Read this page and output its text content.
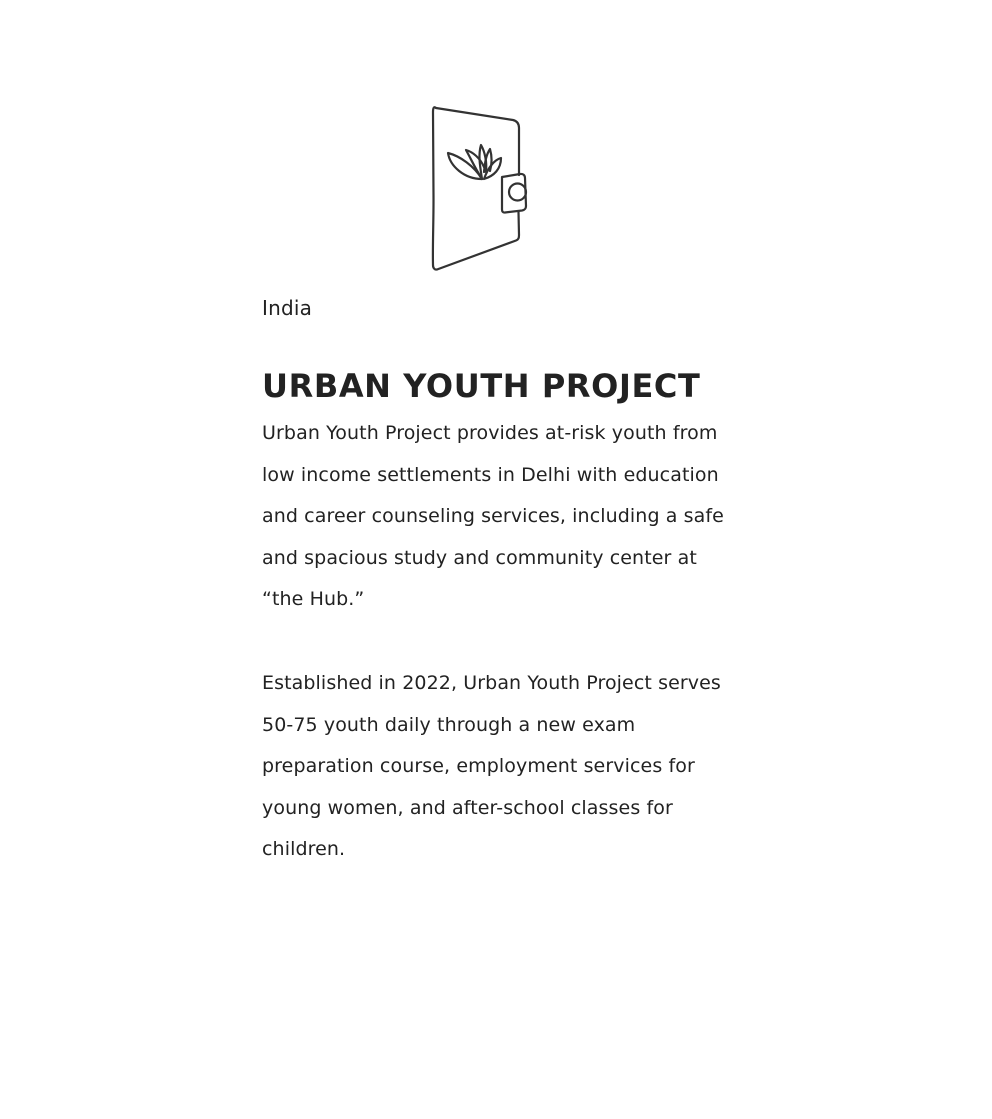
India
URBAN YOUTH PROJECT

Urban Youth Project provides at-risk youth from low income settlements in Delhi with education and career counseling services, including a safe and spacious study and community center at “the Hub.”

Established in 2022, Urban Youth Project serves 50-75 youth daily through a new exam preparation course, employment services for young women, and after-school classes for children.
